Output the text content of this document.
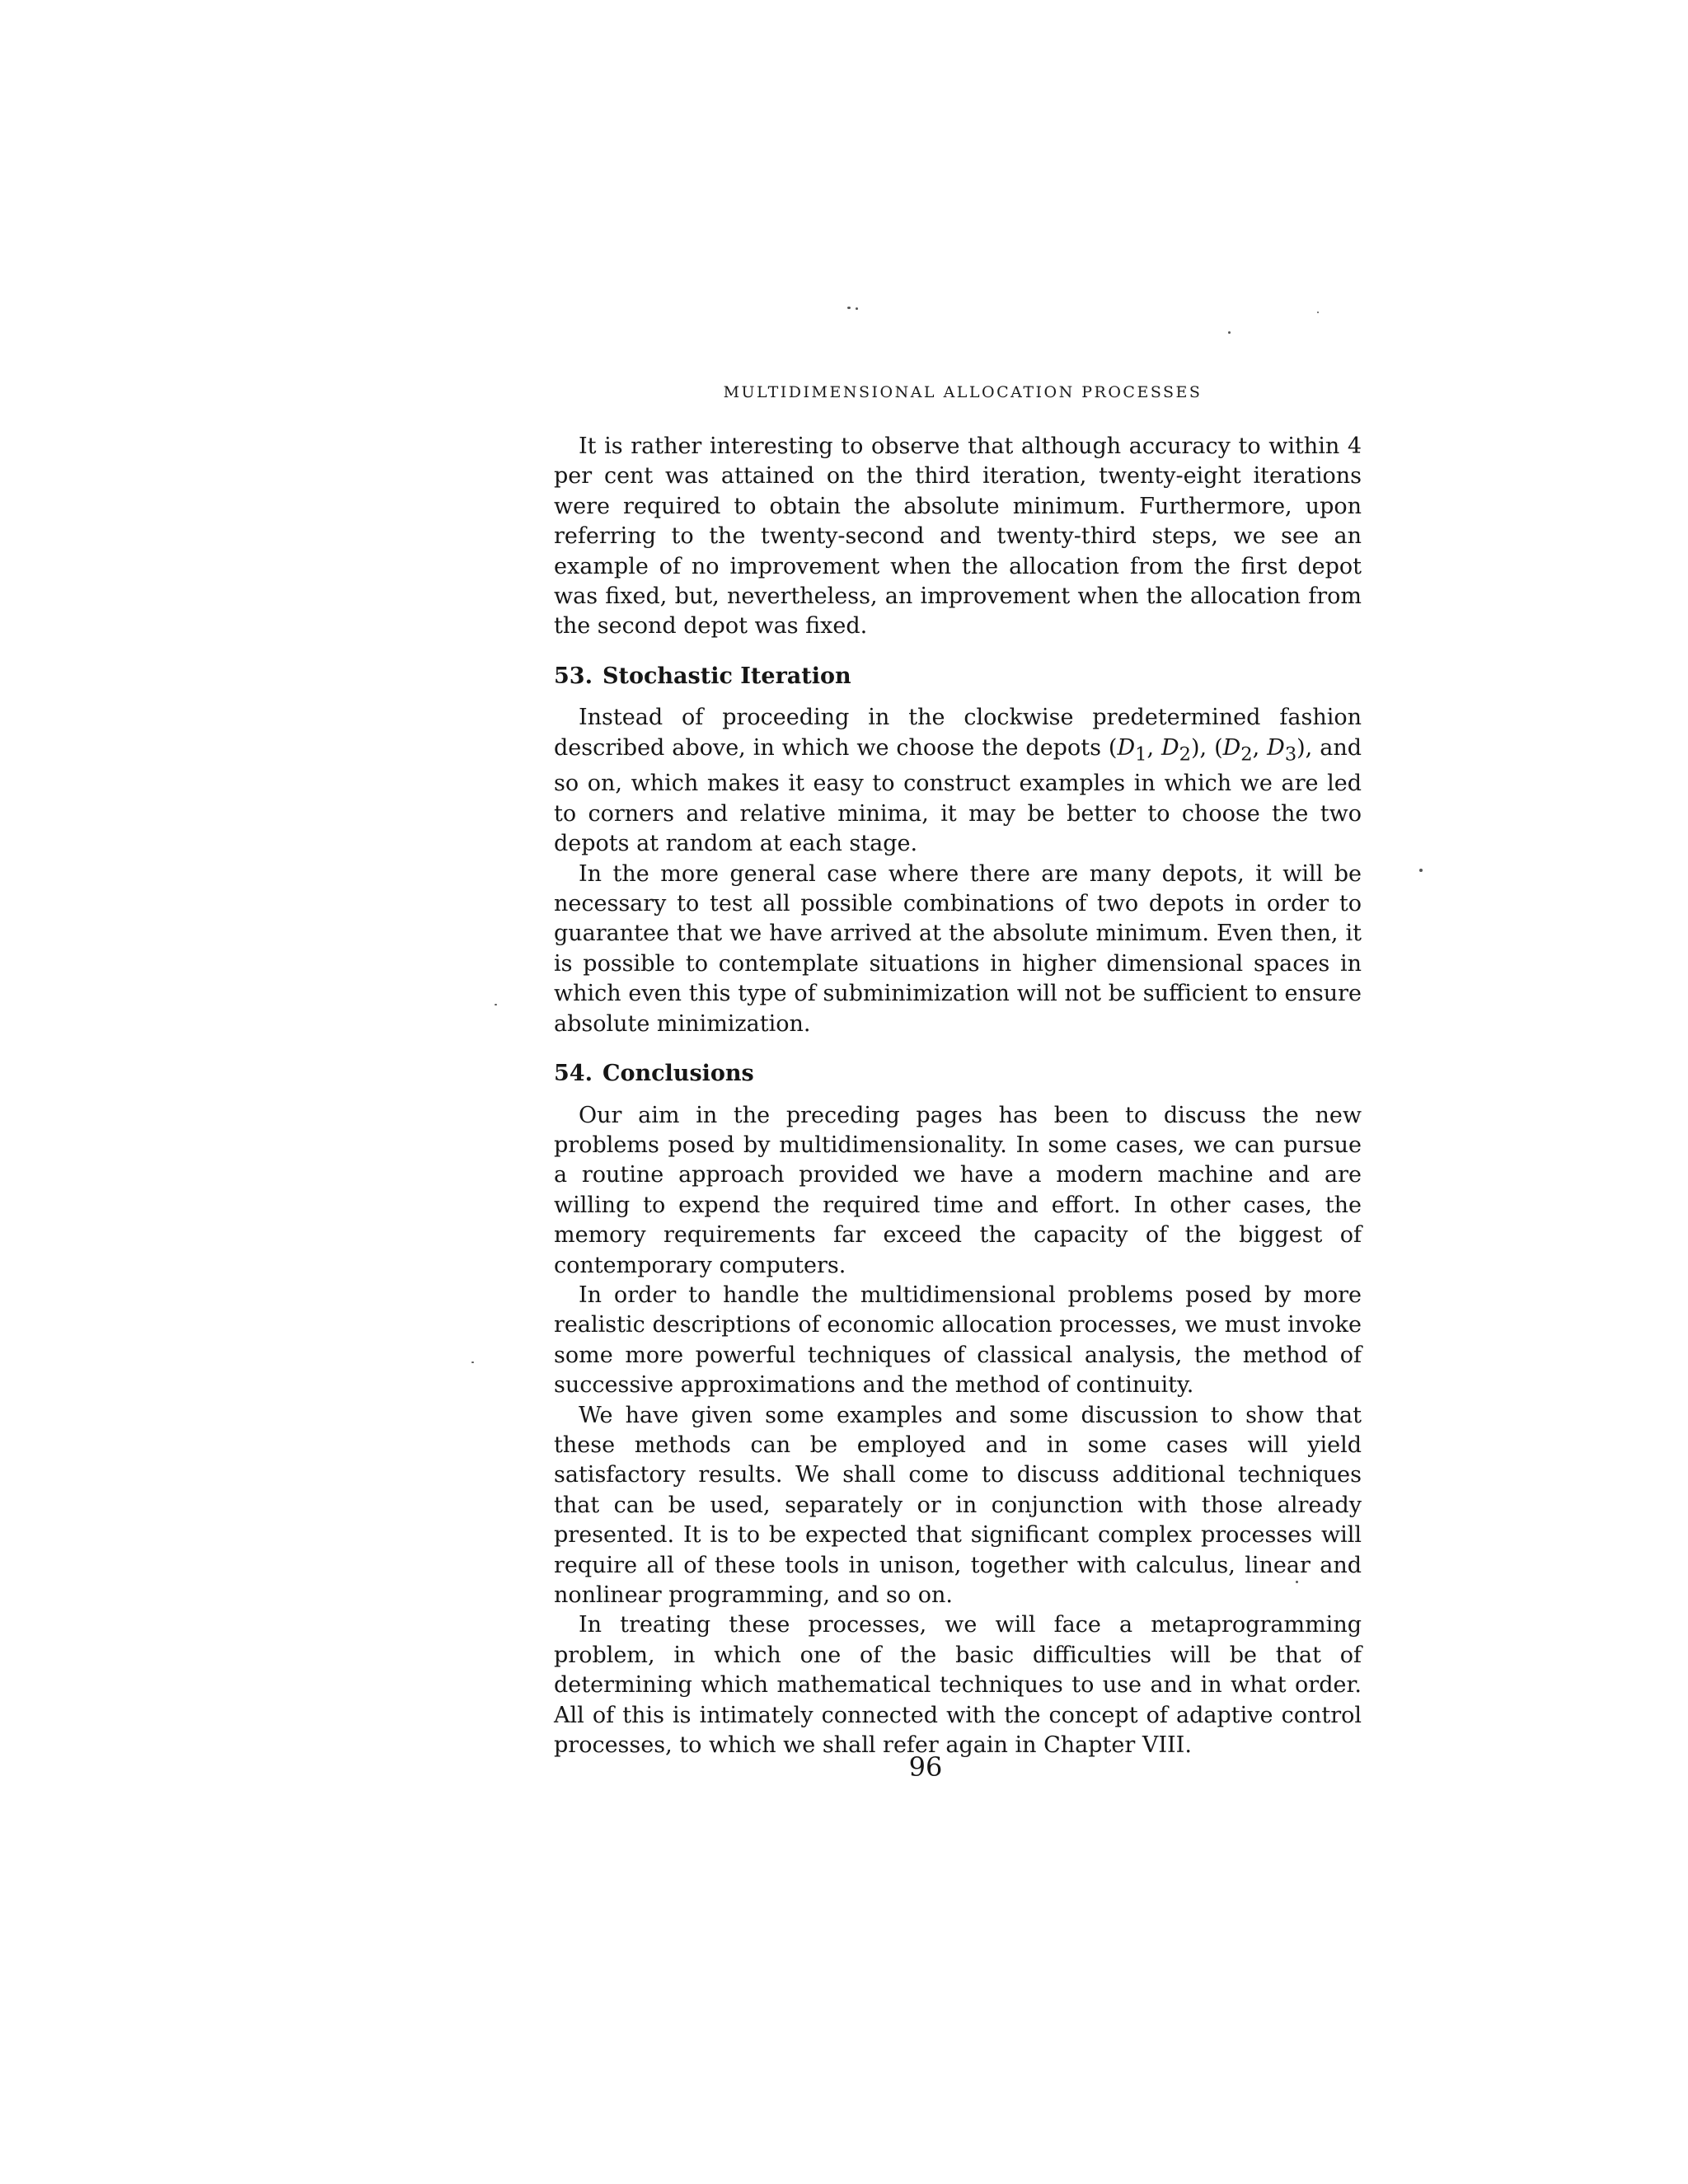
MULTIDIMENSIONAL ALLOCATION PROCESSES

It is rather interesting to observe that although accuracy to within 4 per cent was attained on the third iteration, twenty-eight iterations were required to obtain the absolute minimum. Furthermore, upon referring to the twenty-second and twenty-third steps, we see an example of no improvement when the allocation from the first depot was fixed, but, nevertheless, an improvement when the allocation from the second depot was fixed.

53. Stochastic Iteration

Instead of proceeding in the clockwise predetermined fashion described above, in which we choose the depots ($D_1$, $D_2$), ($D_2$, $D_3$), and so on, which makes it easy to construct examples in which we are led to corners and relative minima, it may be better to choose the two depots at random at each stage.

In the more general case where there are many depots, it will be necessary to test all possible combinations of two depots in order to guarantee that we have arrived at the absolute minimum. Even then, it is possible to contemplate situations in higher dimensional spaces in which even this type of subminimization will not be sufficient to ensure absolute minimization.

54. Conclusions

Our aim in the preceding pages has been to discuss the new problems posed by multidimensionality. In some cases, we can pursue a routine approach provided we have a modern machine and are willing to expend the required time and effort. In other cases, the memory requirements far exceed the capacity of the biggest of contemporary computers.

In order to handle the multidimensional problems posed by more realistic descriptions of economic allocation processes, we must invoke some more powerful techniques of classical analysis, the method of successive approximations and the method of continuity.

We have given some examples and some discussion to show that these methods can be employed and in some cases will yield satisfactory results. We shall come to discuss additional techniques that can be used, separately or in conjunction with those already presented. It is to be expected that significant complex processes will require all of these tools in unison, together with calculus, linear and nonlinear programming, and so on.

In treating these processes, we will face a metaprogramming problem, in which one of the basic difficulties will be that of determining which mathematical techniques to use and in what order. All of this is intimately connected with the concept of adaptive control processes, to which we shall refer again in Chapter VIII.

96
